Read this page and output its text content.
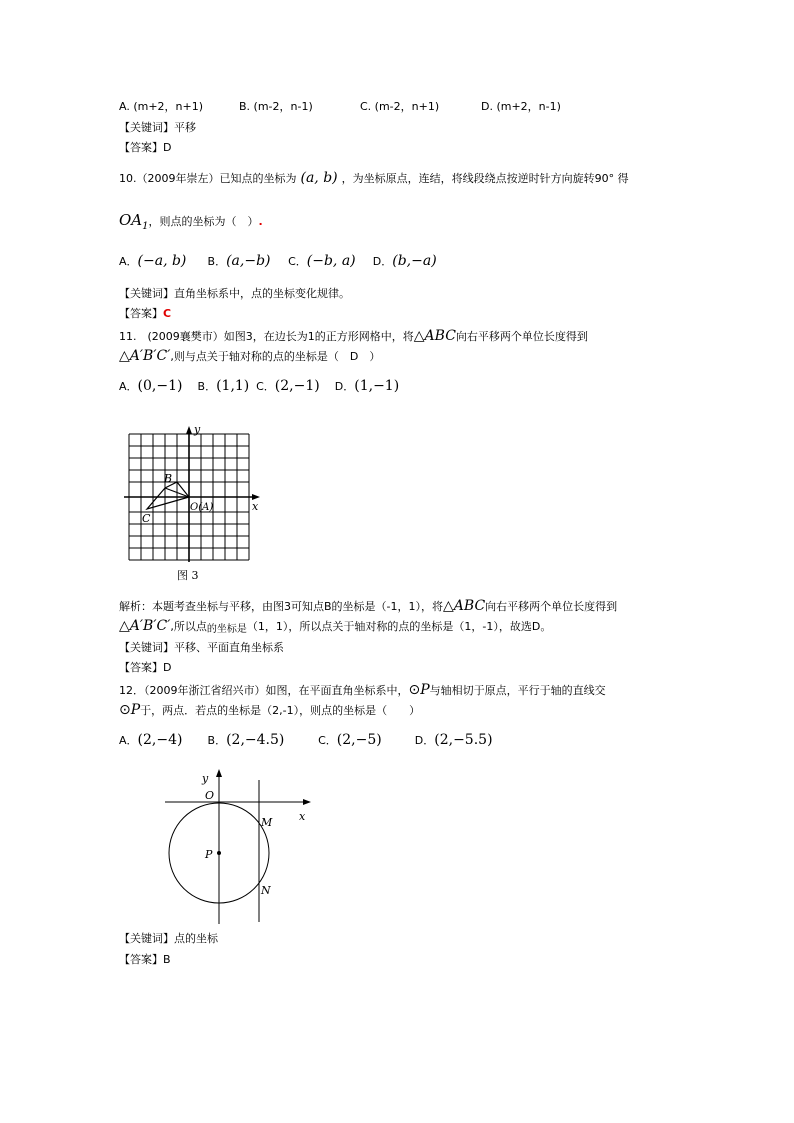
A. (m+2，n+1)	B. (m-2，n-1)	C. (m-2，n+1)	D. (m+2，n-1)
【关键词】平移
【答案】D
10.（2009年崇左）已知点的坐标为 (a, b) ，为坐标原点，连结，将线段绕点按逆时针方向旋转90° 得
$OA_1$，则点的坐标为（　）.
A．(−a, b) B．(a,−b) C．(−b, a) D．(b,−a)
【关键词】直角坐标系中，点的坐标变化规律。
【答案】C
11.　(2009襄樊市）如图3，在边长为1的正方形网格中，将△ABC向右平移两个单位长度得到
△A′B′C′,则与点关于轴对称的点的坐标是（　D　）
A．(0,−1) B．(1,1) C．(2,−1) D．(1,−1)
y
x
B
C
O(A)
图 3
解析：本题考查坐标与平移，由图3可知点B的坐标是（-1，1），将△ABC向右平移两个单位长度得到
△A′B′C′,所以点的坐标是（1，1），所以点关于轴对称的点的坐标是（1，-1），故选D。
【关键词】平移、平面直角坐标系
【答案】D
12．（2009年浙江省绍兴市）如图，在平面直角坐标系中，⊙P与轴相切于原点，平行于轴的直线交
⊙P于，两点．若点的坐标是（2,-1），则点的坐标是（　　）
A．(2,−4) B．(2,−4.5)	C．(2,−5)	D．(2,−5.5)
y
x
O
M
P
N
【关键词】点的坐标
【答案】B
